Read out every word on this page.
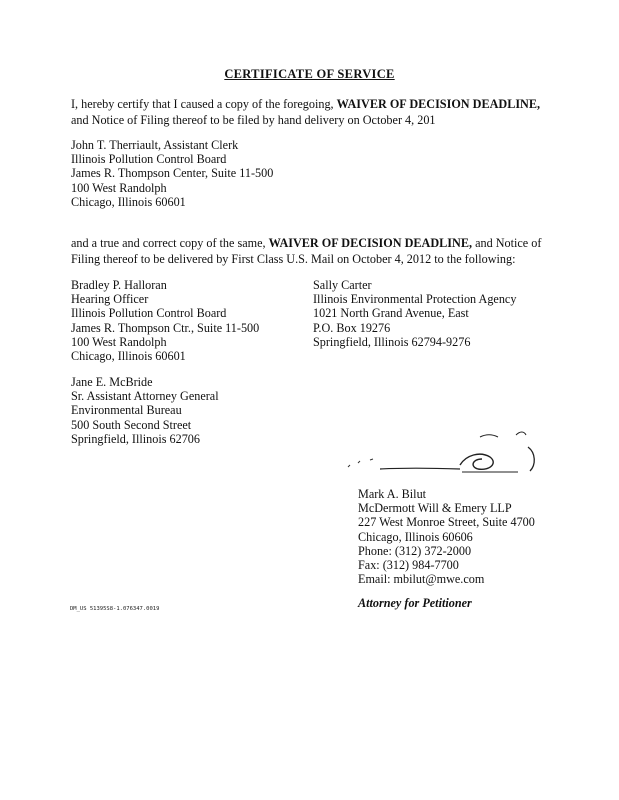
CERTIFICATE OF SERVICE
I, hereby certify that I caused a copy of the foregoing, WAIVER OF DECISION DEADLINE, and Notice of Filing thereof to be filed by hand delivery on October 4, 201
John T. Therriault, Assistant Clerk
Illinois Pollution Control Board
James R. Thompson Center, Suite 11-500
100 West Randolph
Chicago, Illinois 60601
and a true and correct copy of the same, WAIVER OF DECISION DEADLINE, and Notice of Filing thereof to be delivered by First Class U.S. Mail on October 4, 2012 to the following:
Bradley P. Halloran
Hearing Officer
Illinois Pollution Control Board
James R. Thompson Ctr., Suite 11-500
100 West Randolph
Chicago, Illinois 60601
Sally Carter
Illinois Environmental Protection Agency
1021 North Grand Avenue, East
P.O. Box 19276
Springfield, Illinois 62794-9276
Jane E. McBride
Sr. Assistant Attorney General
Environmental Bureau
500 South Second Street
Springfield, Illinois 62706
Mark A. Bilut
McDermott Will & Emery LLP
227 West Monroe Street, Suite 4700
Chicago, Illinois 60606
Phone: (312) 372-2000
Fax: (312) 984-7700
Email: mbilut@mwe.com
Attorney for Petitioner
DM_US 51395S8-1.076347.0019
